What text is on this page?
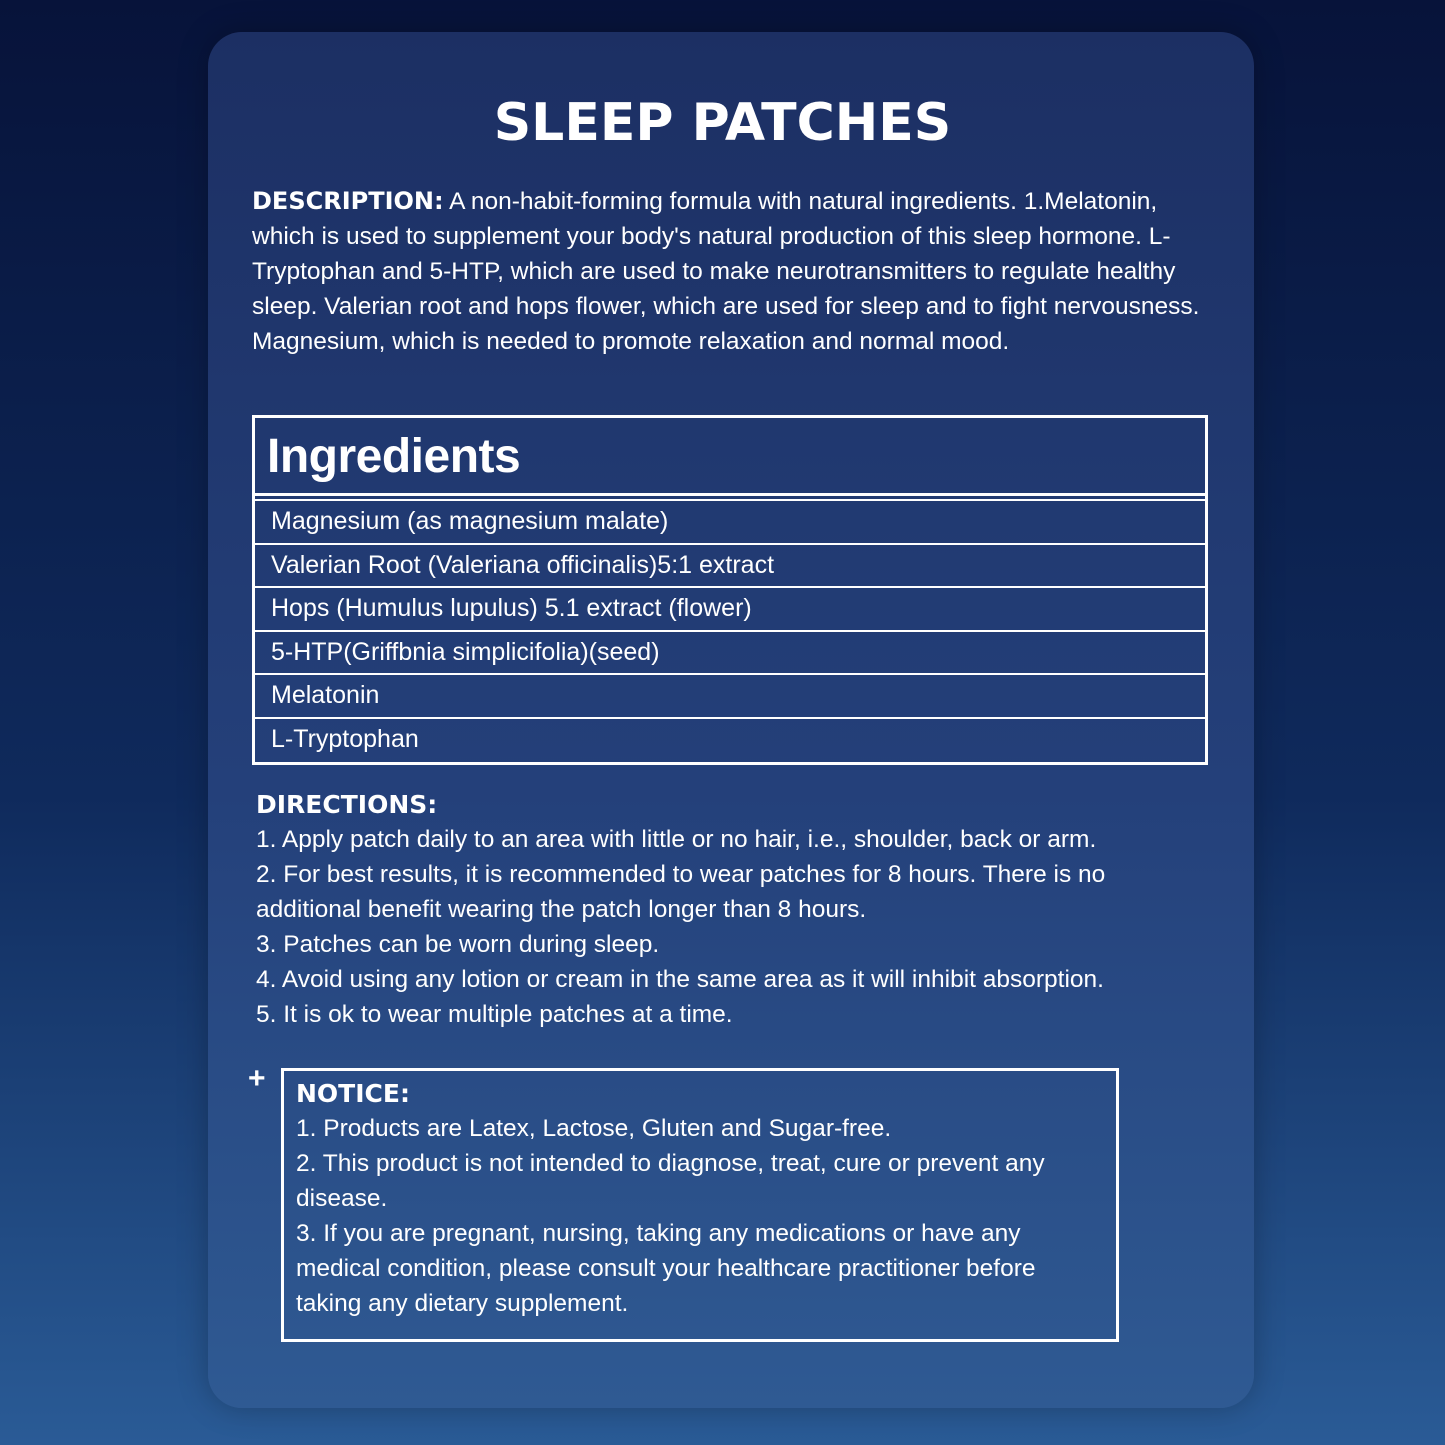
SLEEP PATCHES

DESCRIPTION: A non-habit-forming formula with natural ingredients. 1.Melatonin, which is used to supplement your body's natural production of this sleep hormone. L-Tryptophan and 5-HTP, which are used to make neurotransmitters to regulate healthy sleep. Valerian root and hops flower, which are used for sleep and to fight nervousness. Magnesium, which is needed to promote relaxation and normal mood.

Ingredients
Magnesium (as magnesium malate)
Valerian Root (Valeriana officinalis)5:1 extract
Hops (Humulus lupulus) 5.1 extract (flower)
5-HTP(Griffbnia simplicifolia)(seed)
Melatonin
L-Tryptophan
DIRECTIONS:
1. Apply patch daily to an area with little or no hair, i.e., shoulder, back or arm.
2. For best results, it is recommended to wear patches for 8 hours. There is no additional benefit wearing the patch longer than 8 hours.
3. Patches can be worn during sleep.
4. Avoid using any lotion or cream in the same area as it will inhibit absorption.
5. It is ok to wear multiple patches at a time.
+ NOTICE:
1. Products are Latex, Lactose, Gluten and Sugar-free.
2. This product is not intended to diagnose, treat, cure or prevent any disease.
3. If you are pregnant, nursing, taking any medications or have any medical condition, please consult your healthcare practitioner before taking any dietary supplement.
